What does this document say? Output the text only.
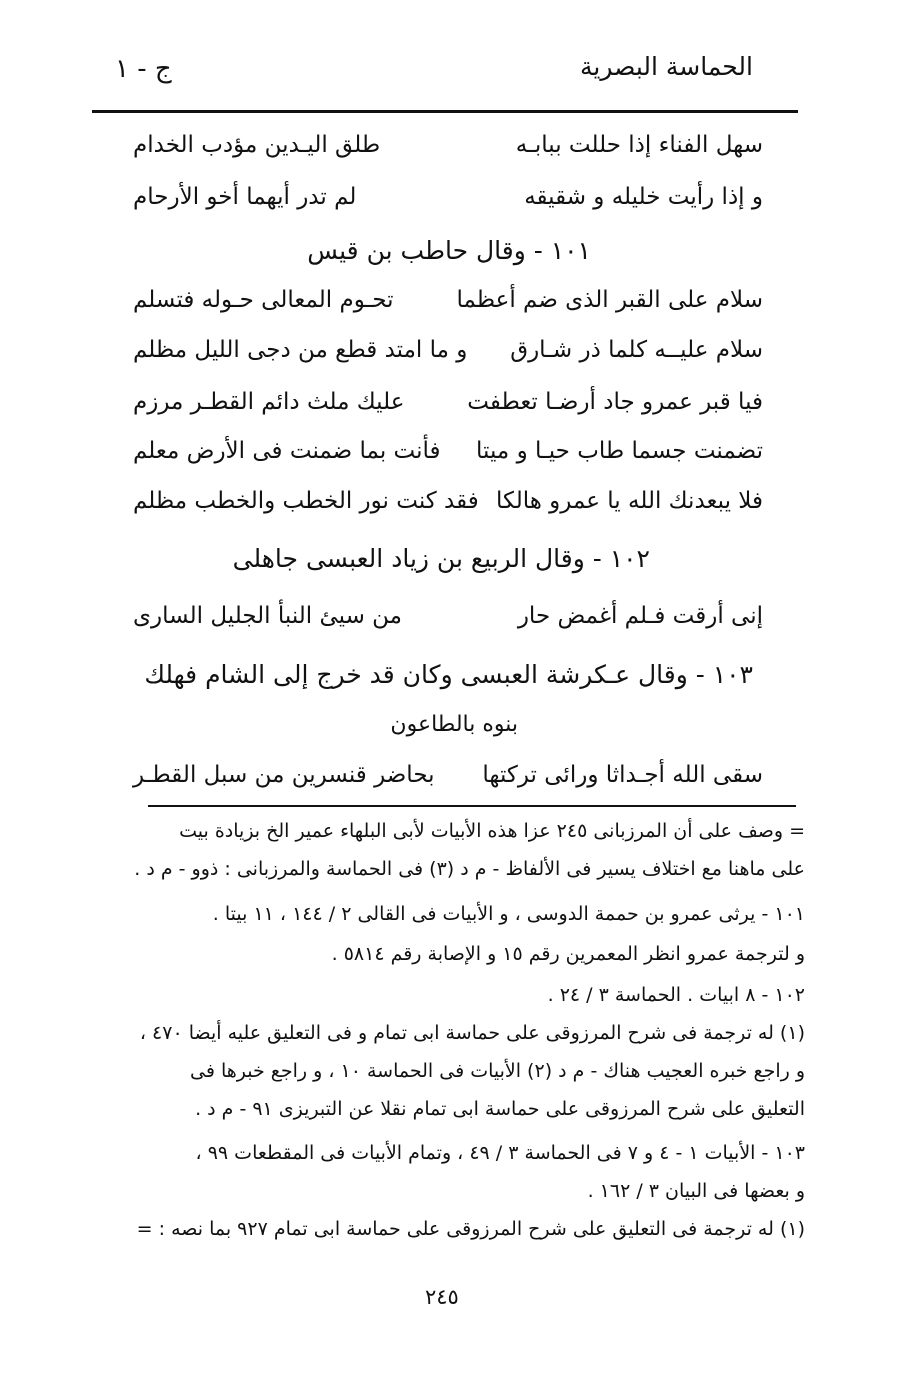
الحماسة البصرية
ج - ١
سهل الفناء إذا حللت ببابـه
طلق اليـدين مؤدب الخدام
و إذا رأيت خليله و شقيقه
لم تدر أيهما أخو الأرحام
١٠١ - وقال حاطب بن قيس
سلام على القبر الذى ضم أعظما
تحـوم المعالى حـوله فتسلم
سلام عليــه كلما ذر شـارق
و ما امتد قطع من دجى الليل مظلم
فيا قبر عمرو جاد أرضـا تعطفت
عليك ملث دائم القطـر مرزم
تضمنت جسما طاب حيـا و ميتا
فأنت بما ضمنت فى الأرض معلم
فلا يبعدنك الله يا عمرو هالكا
فقد كنت نور الخطب والخطب مظلم
١٠٢ - وقال الربيع بن زياد العبسى جاهلى
إنى أرقت فـلم أغمض حار
من سيئ النبأ الجليل السارى
١٠٣ - وقال عـكرشة العبسى وكان قد خرج إلى الشام فهلك
بنوه بالطاعون
سقى الله أجـداثا ورائى تركتها
بحاضر قنسرين من سبل القطـر
= وصف على أن المرزبانى ٢٤٥ عزا هذه الأبيات لأبى البلهاء عمير الخ بزيادة بيت
على ماهنا مع اختلاف يسير فى الألفاظ - م د (٣) فى الحماسة والمرزبانى : ذوو - م د .
١٠١ - يرثى عمرو بن حممة الدوسى ، و الأبيات فى القالى ٢ / ١٤٤ ، ١١ بيتا .
و لترجمة عمرو انظر المعمرين رقم ١٥ و الإصابة رقم ٥٨١٤ .
١٠٢ - ٨ ابيات . الحماسة ٣ / ٢٤ .
(١) له ترجمة فى شرح المرزوقى على حماسة ابى تمام و فى التعليق عليه أيضا ٤٧٠ ،
و راجع خبره العجيب هناك - م د (٢) الأبيات فى الحماسة ١٠ ، و راجع خبرها فى
التعليق على شرح المرزوقى على حماسة ابى تمام نقلا عن التبريزى ٩١ - م د .
١٠٣ - الأبيات ١ - ٤ و ٧ فى الحماسة ٣ / ٤٩ ، وتمام الأبيات فى المقطعات ٩٩ ،
و بعضها فى البيان ٣ / ١٦٢ .
(١) له ترجمة فى التعليق على شرح المرزوقى على حماسة ابى تمام ٩٢٧ بما نصه : =
٢٤٥
